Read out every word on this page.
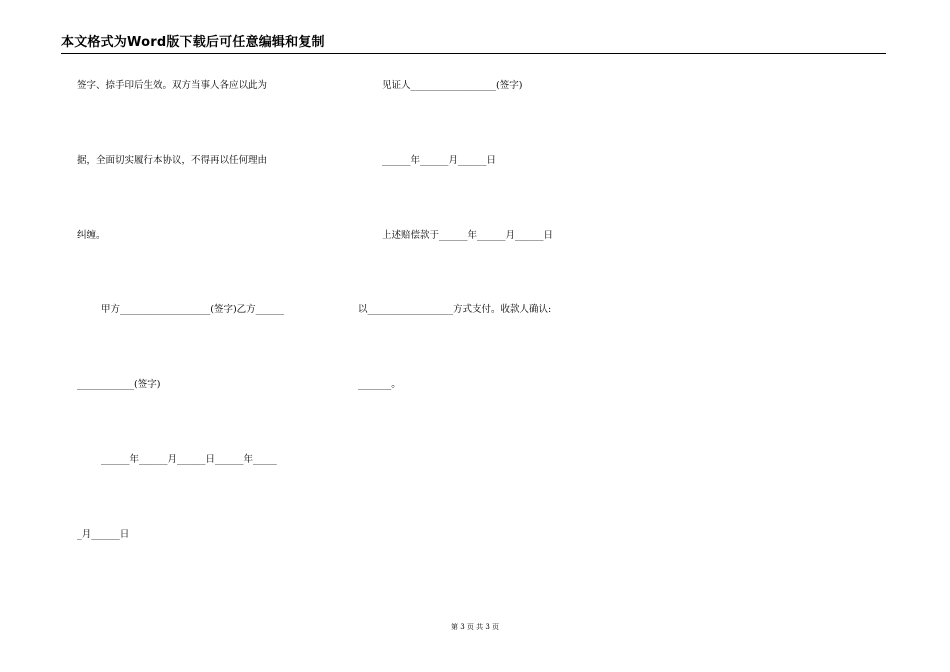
本文格式为Word版下载后可任意编辑和复制
签字、捺手印后生效。双方当事人各应以此为
据，全面切实履行本协议，不得再以任何理由
纠缠。
甲方___________________(签字)乙方______
____________(签字)
______年______月______日______年_____
_月______日
见证人__________________(签字)
______年______月______日
上述赔偿款于______年______月______日
以__________________方式支付。收款人确认:
_______。
第 3 页 共 3 页
